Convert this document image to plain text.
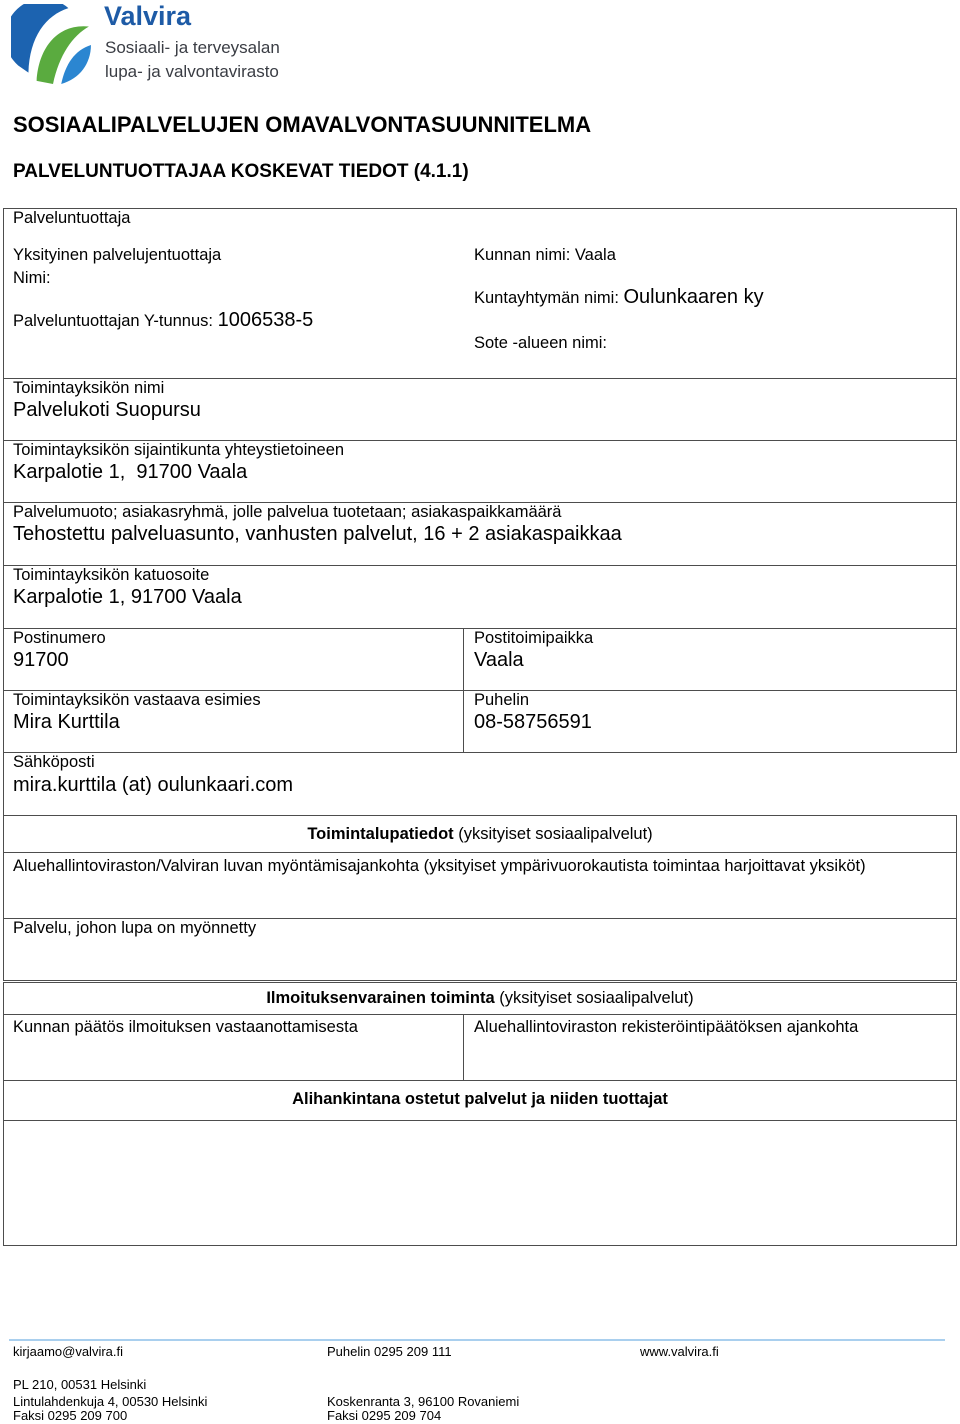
Valvira
Sosiaali- ja terveysalan
lupa- ja valvontavirasto
SOSIAALIPALVELUJEN OMAVALVONTASUUNNITELMA
PALVELUNTUOTTAJAA KOSKEVAT TIEDOT (4.1.1)
Palveluntuottaja
Yksityinen palvelujentuottaja
Nimi:
Palveluntuottajan Y-tunnus: 1006538-5
Kunnan nimi: Vaala
Kuntayhtymän nimi: Oulunkaaren ky
Sote -alueen nimi:
Toimintayksikön nimi
Palvelukoti Suopursu
Toimintayksikön sijaintikunta yhteystietoineen
Karpalotie 1,  91700 Vaala
Palvelumuoto; asiakasryhmä, jolle palvelua tuotetaan; asiakaspaikkamäärä
Tehostettu palveluasunto, vanhusten palvelut, 16 + 2 asiakaspaikkaa
Toimintayksikön katuosoite
Karpalotie 1, 91700 Vaala
Postinumero
91700
Postitoimipaikka
Vaala
Toimintayksikön vastaava esimies
Mira Kurttila
Puhelin
08-58756591
Sähköposti
mira.kurttila (at) oulunkaari.com
Toimintalupatiedot (yksityiset sosiaalipalvelut)
Aluehallintoviraston/Valviran luvan myöntämisajankohta (yksityiset ympärivuorokautista toimintaa harjoittavat yksiköt)
Palvelu, johon lupa on myönnetty
Ilmoituksenvarainen toiminta (yksityiset sosiaalipalvelut)
Kunnan päätös ilmoituksen vastaanottamisesta	Aluehallintoviraston rekisteröintipäätöksen ajankohta
Alihankintana ostetut palvelut ja niiden tuottajat
kirjaamo@valvira.fi	Puhelin 0295 209 111	www.valvira.fi
PL 210, 00531 Helsinki
Lintulahdenkuja 4, 00530 Helsinki	Koskenranta 3, 96100 Rovaniemi
Faksi 0295 209 700	Faksi 0295 209 704
